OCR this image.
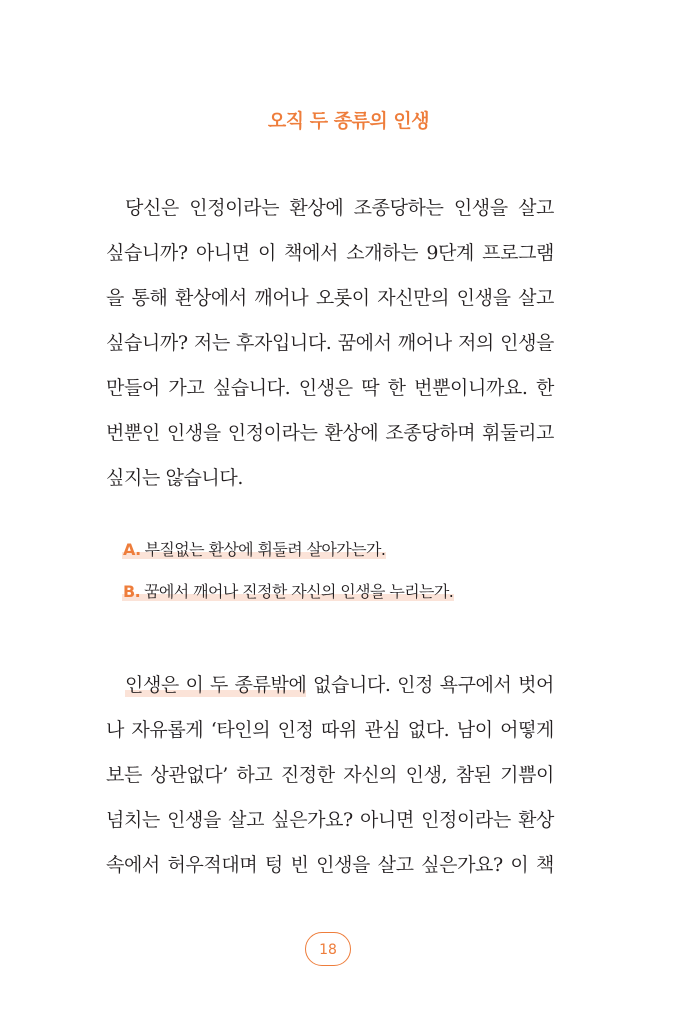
오직 두 종류의 인생

당신은 인정이라는 환상에 조종당하는 인생을 살고
싶습니까? 아니면 이 책에서 소개하는 9단계 프로그램
을 통해 환상에서 깨어나 오롯이 자신만의 인생을 살고
싶습니까? 저는 후자입니다. 꿈에서 깨어나 저의 인생을
만들어 가고 싶습니다. 인생은 딱 한 번뿐이니까요. 한
번뿐인 인생을 인정이라는 환상에 조종당하며 휘둘리고
싶지는 않습니다.

A. 부질없는 환상에 휘둘려 살아가는가.
B. 꿈에서 깨어나 진정한 자신의 인생을 누리는가.

인생은 이 두 종류밖에 없습니다. 인정 욕구에서 벗어
나 자유롭게 ‘타인의 인정 따위 관심 없다. 남이 어떻게
보든 상관없다’ 하고 진정한 자신의 인생, 참된 기쁨이
넘치는 인생을 살고 싶은가요? 아니면 인정이라는 환상
속에서 허우적대며 텅 빈 인생을 살고 싶은가요? 이 책

18
